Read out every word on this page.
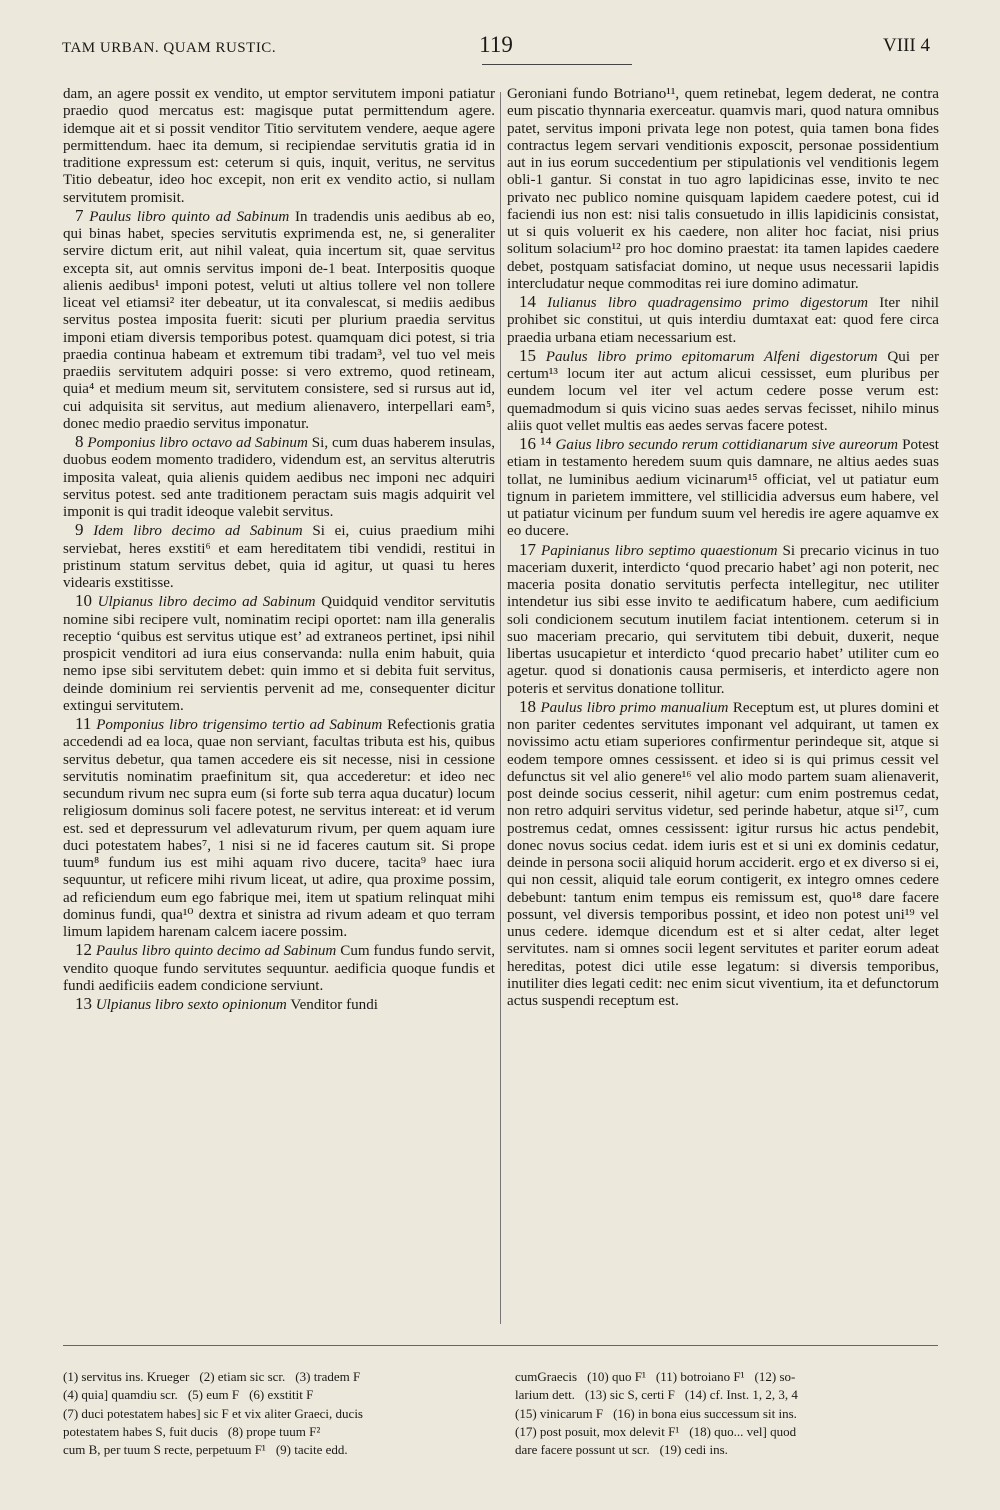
TAM URBAN. QUAM RUSTIC.	119	VIII 4

dam, an agere possit ex vendito, ut emptor servitutem imponi patiatur praedio quod mercatus est: magisque putat permittendum agere. idemque ait et si possit venditor Titio servitutem vendere, aeque agere permittendum. haec ita demum, si recipiendae servitutis gratia id in traditione expressum est: ceterum si quis, inquit, veritus, ne servitus Titio debeatur, ideo hoc excepit, non erit ex vendito actio, si nullam servitutem promisit.

7 Paulus libro quinto ad Sabinum In tradendis unis aedibus ab eo, qui binas habet, species servitutis exprimenda est, ne, si generaliter servire dictum erit, aut nihil valeat, quia incertum sit, quae servitus excepta sit, aut omnis servitus imponi de-1 beat. Interpositis quoque alienis aedibus¹ imponi potest, veluti ut altius tollere vel non tollere liceat vel etiamsi² iter debeatur, ut ita convalescat, si mediis aedibus servitus postea imposita fuerit: sicuti per plurium praedia servitus imponi etiam diversis temporibus potest. quamquam dici potest, si tria praedia continua habeam et extremum tibi tradam³, vel tuo vel meis praediis servitutem adquiri posse: si vero extremo, quod retineam, quia⁴ et medium meum sit, servitutem consistere, sed si rursus aut id, cui adquisita sit servitus, aut medium alienavero, interpellari eam⁵, donec medio praedio servitus imponatur.

8 Pomponius libro octavo ad Sabinum Si, cum duas haberem insulas, duobus eodem momento tradidero, videndum est, an servitus alterutris imposita valeat, quia alienis quidem aedibus nec imponi nec adquiri servitus potest. sed ante traditionem peractam suis magis adquirit vel imponit is qui tradit ideoque valebit servitus.

9 Idem libro decimo ad Sabinum Si ei, cuius praedium mihi serviebat, heres exstiti⁶ et eam hereditatem tibi vendidi, restitui in pristinum statum servitus debet, quia id agitur, ut quasi tu heres videaris exstitisse.

10 Ulpianus libro decimo ad Sabinum Quidquid venditor servitutis nomine sibi recipere vult, nominatim recipi oportet: nam illa generalis receptio ‘quibus est servitus utique est’ ad extraneos pertinet, ipsi nihil prospicit venditori ad iura eius conservanda: nulla enim habuit, quia nemo ipse sibi servitutem debet: quin immo et si debita fuit servitus, deinde dominium rei servientis pervenit ad me, consequenter dicitur extingui servitutem.

11 Pomponius libro trigensimo tertio ad Sabinum Refectionis gratia accedendi ad ea loca, quae non serviant, facultas tributa est his, quibus servitus debetur, qua tamen accedere eis sit necesse, nisi in cessione servitutis nominatim praefinitum sit, qua accederetur: et ideo nec secundum rivum nec supra eum (si forte sub terra aqua ducatur) locum religiosum dominus soli facere potest, ne servitus intereat: et id verum est. sed et depressurum vel adlevaturum rivum, per quem aquam iure duci potestatem habes⁷, 1 nisi si ne id faceres cautum sit. Si prope tuum⁸ fundum ius est mihi aquam rivo ducere, tacita⁹ haec iura sequuntur, ut reficere mihi rivum liceat, ut adire, qua proxime possim, ad reficiendum eum ego fabrique mei, item ut spatium relinquat mihi dominus fundi, qua¹⁰ dextra et sinistra ad rivum adeam et quo terram limum lapidem harenam calcem iacere possim.

12 Paulus libro quinto decimo ad Sabinum Cum fundus fundo servit, vendito quoque fundo servitutes sequuntur. aedificia quoque fundis et fundi aedificiis eadem condicione serviunt.

13 Ulpianus libro sexto opinionum Venditor fundi

Geroniani fundo Botriano¹¹, quem retinebat, legem dederat, ne contra eum piscatio thynnaria exerceatur. quamvis mari, quod natura omnibus patet, servitus imponi privata lege non potest, quia tamen bona fides contractus legem servari venditionis exposcit, personae possidentium aut in ius eorum succedentium per stipulationis vel venditionis legem obli-1 gantur. Si constat in tuo agro lapidicinas esse, invito te nec privato nec publico nomine quisquam lapidem caedere potest, cui id faciendi ius non est: nisi talis consuetudo in illis lapidicinis consistat, ut si quis voluerit ex his caedere, non aliter hoc faciat, nisi prius solitum solacium¹² pro hoc domino praestat: ita tamen lapides caedere debet, postquam satisfaciat domino, ut neque usus necessarii lapidis intercludatur neque commoditas rei iure domino adimatur.

14 Iulianus libro quadragensimo primo digestorum Iter nihil prohibet sic constitui, ut quis interdiu dumtaxat eat: quod fere circa praedia urbana etiam necessarium est.

15 Paulus libro primo epitomarum Alfeni digestorum Qui per certum¹³ locum iter aut actum alicui cessisset, eum pluribus per eundem locum vel iter vel actum cedere posse verum est: quemadmodum si quis vicino suas aedes servas fecisset, nihilo minus aliis quot vellet multis eas aedes servas facere potest.

16 ¹⁴ Gaius libro secundo rerum cottidianarum sive aureorum Potest etiam in testamento heredem suum quis damnare, ne altius aedes suas tollat, ne luminibus aedium vicinarum¹⁵ officiat, vel ut patiatur eum tignum in parietem immittere, vel stillicidia adversus eum habere, vel ut patiatur vicinum per fundum suum vel heredis ire agere aquamve ex eo ducere.

17 Papinianus libro septimo quaestionum Si precario vicinus in tuo maceriam duxerit, interdicto ‘quod precario habet’ agi non poterit, nec maceria posita donatio servitutis perfecta intellegitur, nec utiliter intendetur ius sibi esse invito te aedificatum habere, cum aedificium soli condicionem secutum inutilem faciat intentionem. ceterum si in suo maceriam precario, qui servitutem tibi debuit, duxerit, neque libertas usucapietur et interdicto ‘quod precario habet’ utiliter cum eo agetur. quod si donationis causa permiseris, et interdicto agere non poteris et servitus donatione tollitur.

18 Paulus libro primo manualium Receptum est, ut plures domini et non pariter cedentes servitutes imponant vel adquirant, ut tamen ex novissimo actu etiam superiores confirmentur perindeque sit, atque si eodem tempore omnes cessissent. et ideo si is qui primus cessit vel defunctus sit vel alio genere¹⁶ vel alio modo partem suam alienaverit, post deinde socius cesserit, nihil agetur: cum enim postremus cedat, non retro adquiri servitus videtur, sed perinde habetur, atque si¹⁷, cum postremus cedat, omnes cessissent: igitur rursus hic actus pendebit, donec novus socius cedat. idem iuris est et si uni ex dominis cedatur, deinde in persona socii aliquid horum acciderit. ergo et ex diverso si ei, qui non cessit, aliquid tale eorum contigerit, ex integro omnes cedere debebunt: tantum enim tempus eis remissum est, quo¹⁸ dare facere possunt, vel diversis temporibus possint, et ideo non potest uni¹⁹ vel unus cedere. idemque dicendum est et si alter cedat, alter leget servitutes. nam si omnes socii legent servitutes et pariter eorum adeat hereditas, potest dici utile esse legatum: si diversis temporibus, inutiliter dies legati cedit: nec enim sicut viventium, ita et defunctorum actus suspendi receptum est.

(1) servitus ins. Krueger (2) etiam sic scr. (3) tradem F
(4) quia] quamdiu scr. (5) eum F (6) exstitit F
(7) duci potestatem habes] sic F et vix aliter Graeci, ducis
potestatem habes S, fuit ducis (8) prope tuum F²
cum B, per tuum S recte, perpetuum F¹ (9) tacite edd.
cumGraecis (10) quo F¹ (11) botroiano F¹ (12) so-
larium dett. (13) sic S, certi F (14) cf. Inst. 1, 2, 3, 4
(15) vinicarum F (16) in bona eius successum sit ins.
(17) post posuit, mox delevit F¹ (18) quo... vel] quod
dare facere possunt ut scr. (19) cedi ins.
